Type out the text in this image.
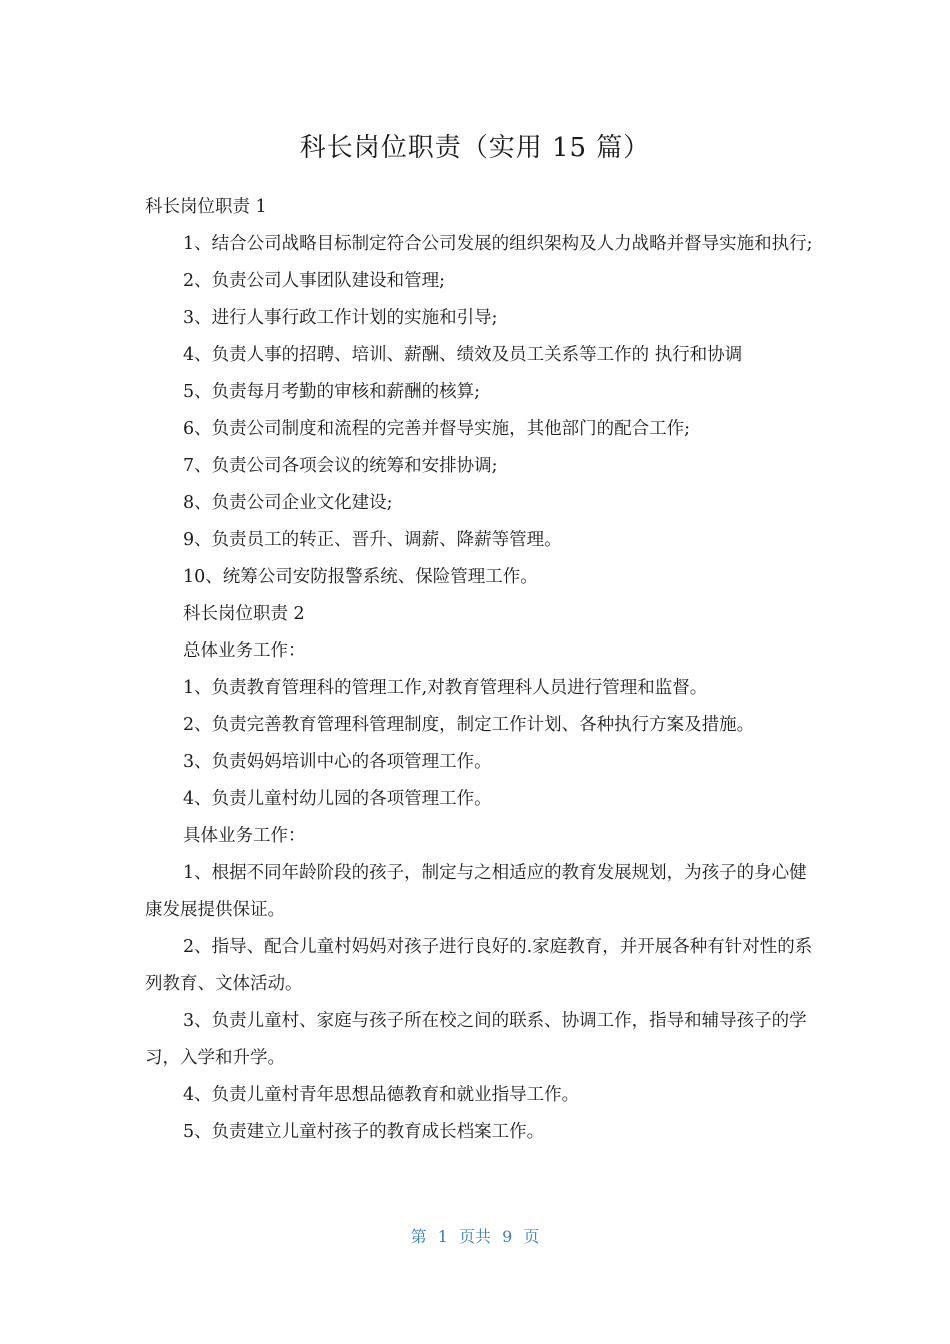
科长岗位职责（实用 15 篇）

科长岗位职责 1

1、结合公司战略目标制定符合公司发展的组织架构及人力战略并督导实施和执行;

2、负责公司人事团队建设和管理;

3、进行人事行政工作计划的实施和引导;

4、负责人事的招聘、培训、薪酬、绩效及员工关系等工作的 执行和协调

5、负责每月考勤的审核和薪酬的核算;

6、负责公司制度和流程的完善并督导实施，其他部门的配合工作;

7、负责公司各项会议的统筹和安排协调;

8、负责公司企业文化建设;

9、负责员工的转正、晋升、调薪、降薪等管理。

10、统筹公司安防报警系统、保险管理工作。

科长岗位职责 2

总体业务工作：

1、负责教育管理科的管理工作,对教育管理科人员进行管理和监督。

2、负责完善教育管理科管理制度，制定工作计划、各种执行方案及措施。

3、负责妈妈培训中心的各项管理工作。

4、负责儿童村幼儿园的各项管理工作。

具体业务工作：

1、根据不同年龄阶段的孩子，制定与之相适应的教育发展规划，为孩子的身心健康发展提供保证。

2、指导、配合儿童村妈妈对孩子进行良好的.家庭教育，并开展各种有针对性的系列教育、文体活动。

3、负责儿童村、家庭与孩子所在校之间的联系、协调工作，指导和辅导孩子的学习，入学和升学。

4、负责儿童村青年思想品德教育和就业指导工作。

5、负责建立儿童村孩子的教育成长档案工作。

第 1 页共 9 页
